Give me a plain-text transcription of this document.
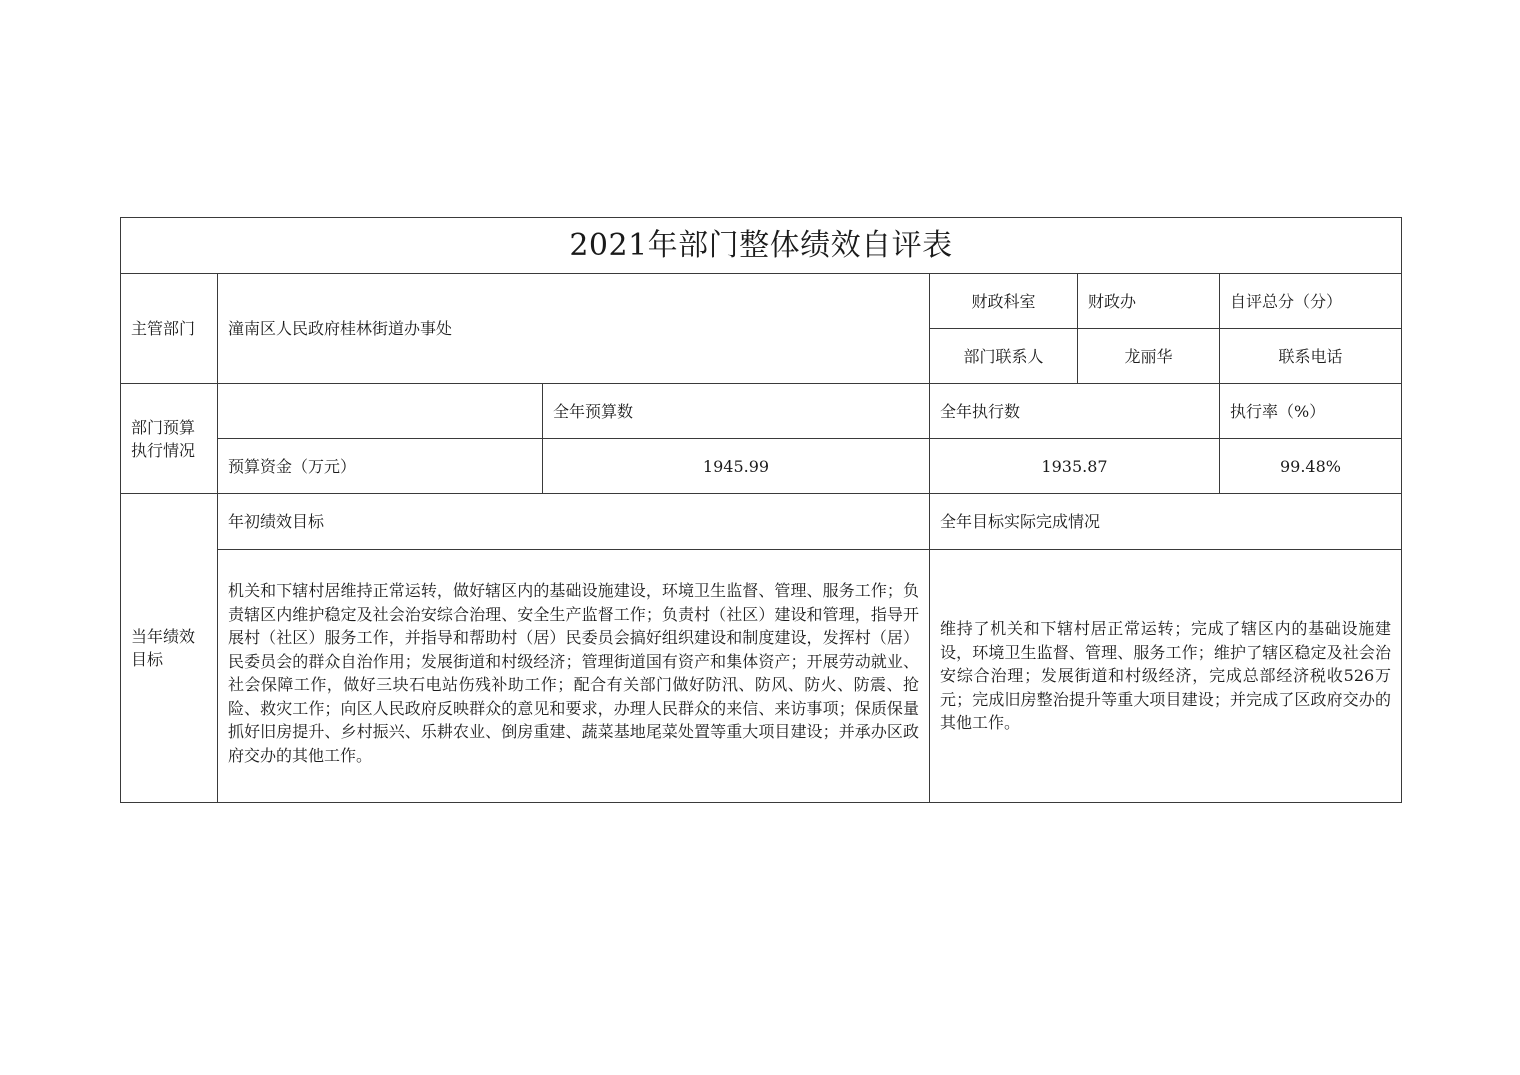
2021年部门整体绩效自评表						
主管部门	潼南区人民政府桂林街道办事处		财政科室	财政办	自评总分（分）	
			部门联系人	龙丽华	联系电话	
部门预算执行情况		全年预算数	全年执行数		执行率（%）	
	预算资金（万元）	1945.99	1935.87		99.48%	
当年绩效目标	年初绩效目标		全年目标实际完成情况			
	机关和下辖村居维持正常运转，做好辖区内的基础设施建设，环境卫生监督、管理、服务工作；负责辖区内维护稳定及社会治安综合治理、安全生产监督工作；负责村（社区）建设和管理，指导开展村（社区）服务工作，并指导和帮助村（居）民委员会搞好组织建设和制度建设，发挥村（居）民委员会的群众自治作用；发展街道和村级经济；管理街道国有资产和集体资产；开展劳动就业、社会保障工作，做好三块石电站伤残补助工作；配合有关部门做好防汛、防风、防火、防震、抢险、救灾工作；向区人民政府反映群众的意见和要求，办理人民群众的来信、来访事项；保质保量抓好旧房提升、乡村振兴、乐耕农业、倒房重建、蔬菜基地尾菜处置等重大项目建设；并承办区政府交办的其他工作。		维持了机关和下辖村居正常运转；完成了辖区内的基础设施建设，环境卫生监督、管理、服务工作；维护了辖区稳定及社会治安综合治理；发展街道和村级经济，完成总部经济税收526万元；完成旧房整治提升等重大项目建设；并完成了区政府交办的其他工作。			
